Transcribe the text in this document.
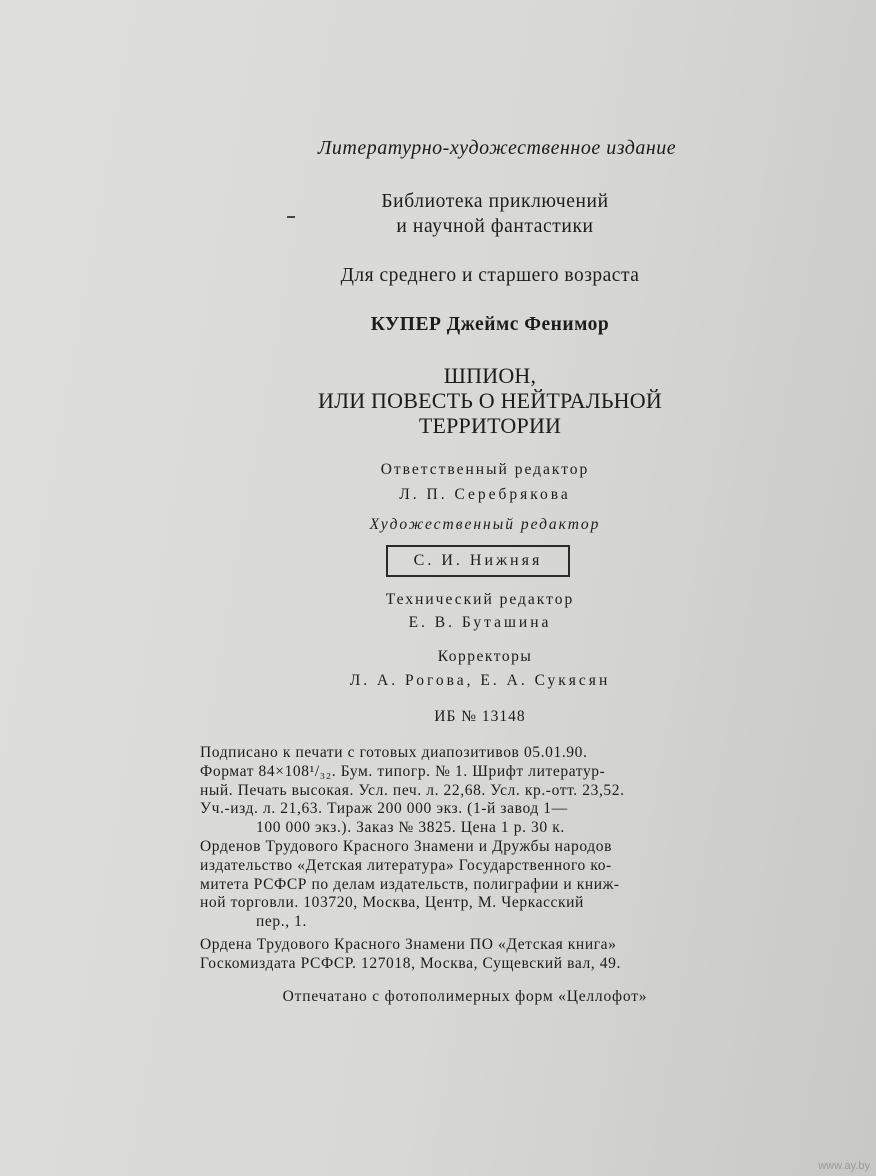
Литературно-художественное издание
Библиотека приключений
и научной фантастики
Для среднего и старшего возраста
КУПЕР Джеймс Фенимор
ШПИОН,
ИЛИ ПОВЕСТЬ О НЕЙТРАЛЬНОЙ
ТЕРРИТОРИИ
Ответственный редактор
Л. П. Серебрякова
Художественный редактор
С. И. Нижняя
Технический редактор
Е. В. Буташина
Корректоры
Л. А. Рогова, Е. А. Сукясян
ИБ № 13148
Подписано к печати с готовых диапозитивов 05.01.90.
Формат 84×108¹/₃₂. Бум. типогр. № 1. Шрифт литератур-
ный. Печать высокая. Усл. печ. л. 22,68. Усл. кр.-отт. 23,52.
Уч.-изд. л. 21,63. Тираж 200 000 экз. (1-й завод 1—
100 000 экз.). Заказ № 3825. Цена 1 р. 30 к.
Орденов Трудового Красного Знамени и Дружбы народов
издательство «Детская литература» Государственного ко-
митета РСФСР по делам издательств, полиграфии и книж-
ной торговли. 103720, Москва, Центр, М. Черкасский
пер., 1.
Ордена Трудового Красного Знамени ПО «Детская книга»
Госкомиздата РСФСР. 127018, Москва, Сущевский вал, 49.
Отпечатано с фотополимерных форм «Целлофот»
www.ay.by
